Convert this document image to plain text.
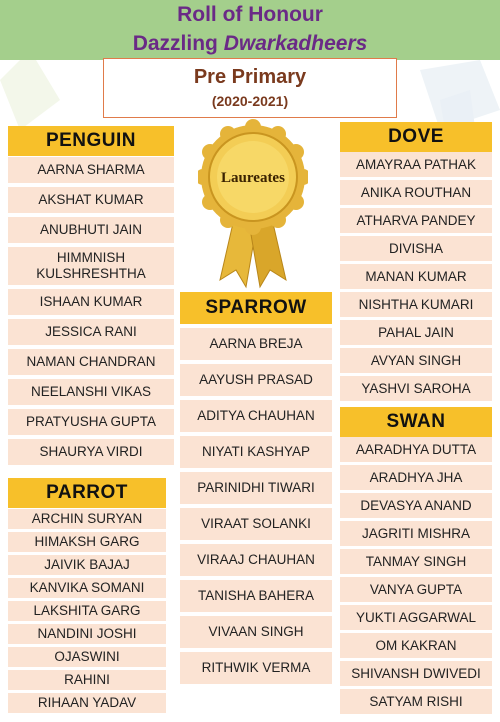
Roll of Honour
Dazzling Dwarkadheers
Pre Primary
(2020-2021)
Laureates
PENGUIN
AARNA SHARMA
AKSHAT KUMAR
ANUBHUTI JAIN
HIMMNISH KULSHRESHTHA
ISHAAN KUMAR
JESSICA RANI
NAMAN CHANDRAN
NEELANSHI VIKAS
PRATYUSHA GUPTA
SHAURYA VIRDI
PARROT
ARCHIN SURYAN
HIMAKSH GARG
JAIVIK BAJAJ
KANVIKA SOMANI
LAKSHITA GARG
NANDINI JOSHI
OJASWINI
RAHINI
RIHAAN YADAV
SPARROW
AARNA BREJA
AAYUSH PRASAD
ADITYA CHAUHAN
NIYATI KASHYAP
PARINIDHI TIWARI
VIRAAT SOLANKI
VIRAAJ CHAUHAN
TANISHA BAHERA
VIVAAN SINGH
RITHWIK VERMA
DOVE
AMAYRAA PATHAK
ANIKA ROUTHAN
ATHARVA PANDEY
DIVISHA
MANAN KUMAR
NISHTHA KUMARI
PAHAL JAIN
AVYAN SINGH
YASHVI SAROHA
SWAN
AARADHYA DUTTA
ARADHYA JHA
DEVASYA ANAND
JAGRITI MISHRA
TANMAY SINGH
VANYA GUPTA
YUKTI AGGARWAL
OM KAKRAN
SHIVANSH DWIVEDI
SATYAM RISHI
